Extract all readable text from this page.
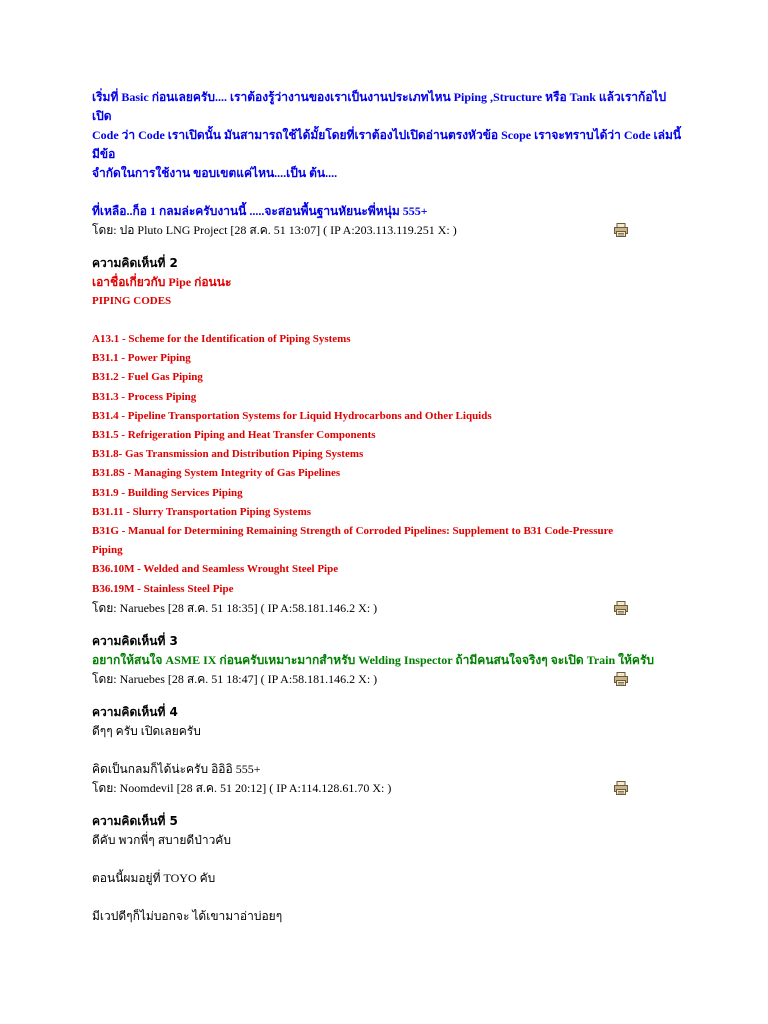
เริ่มที่ Basic ก่อนเลยครับ.... เราต้องรู้ว่างานของเราเป็นงานประเภทไหน Piping ,Structure หรือ Tank แล้วเราก้อไปเปิด

Code ว่า Code เราเปิดนั้น มันสามารถใช้ได้มั้ยโดยที่เราต้องไปเปิดอ่านตรงหัวข้อ Scope เราจะทราบได้ว่า Code เล่มนี้มีข้อ

จำกัดในการใช้งาน ขอบเขตแค่ไหน....เป็น ต้น....

ที่เหลือ..ก็อ 1 กลมล่ะครับงานนี้ .....จะสอนพื้นฐานหัยนะพี่หนุ่ม 555+

โดย: ปอ Pluto LNG Project [28 ส.ค. 51 13:07] ( IP A:203.113.119.251 X: )
ความคิดเห็นที่ 2
เอาชื่อเกี่ยวกับ Pipe ก่อนนะ
PIPING CODES
A13.1 - Scheme for the Identification of Piping Systems
B31.1 - Power Piping
B31.2 - Fuel Gas Piping
B31.3 - Process Piping
B31.4 - Pipeline Transportation Systems for Liquid Hydrocarbons and Other Liquids
B31.5 - Refrigeration Piping and Heat Transfer Components
B31.8- Gas Transmission and Distribution Piping Systems
B31.8S - Managing System Integrity of Gas Pipelines
B31.9 - Building Services Piping
B31.11 - Slurry Transportation Piping Systems
B31G - Manual for Determining Remaining Strength of Corroded Pipelines: Supplement to B31 Code-Pressure
Piping
B36.10M - Welded and Seamless Wrought Steel Pipe
B36.19M - Stainless Steel Pipe
โดย: Naruebes [28 ส.ค. 51 18:35] ( IP A:58.181.146.2 X: )
ความคิดเห็นที่ 3
อยากให้สนใจ ASME IX ก่อนครับเหมาะมากสำหรับ Welding Inspector ถ้ามีคนสนใจจริงๆ จะเปิด Train ให้ครับ
โดย: Naruebes [28 ส.ค. 51 18:47] ( IP A:58.181.146.2 X: )
ความคิดเห็นที่ 4
ดีๆๆ ครับ เปิดเลยครับ
คิดเป็นกลมก็ได้น่ะครับ อิอิอิ 555+
โดย: Noomdevil [28 ส.ค. 51 20:12] ( IP A:114.128.61.70 X: )
ความคิดเห็นที่ 5
ดีคับ พวกพี่ๆ สบายดีป่าวคับ
ตอนนี้ผมอยู่ที่ TOYO คับ
มีเวปดีๆก็ไม่บอกจะ ได้เขามาอ่าบ่อยๆ
